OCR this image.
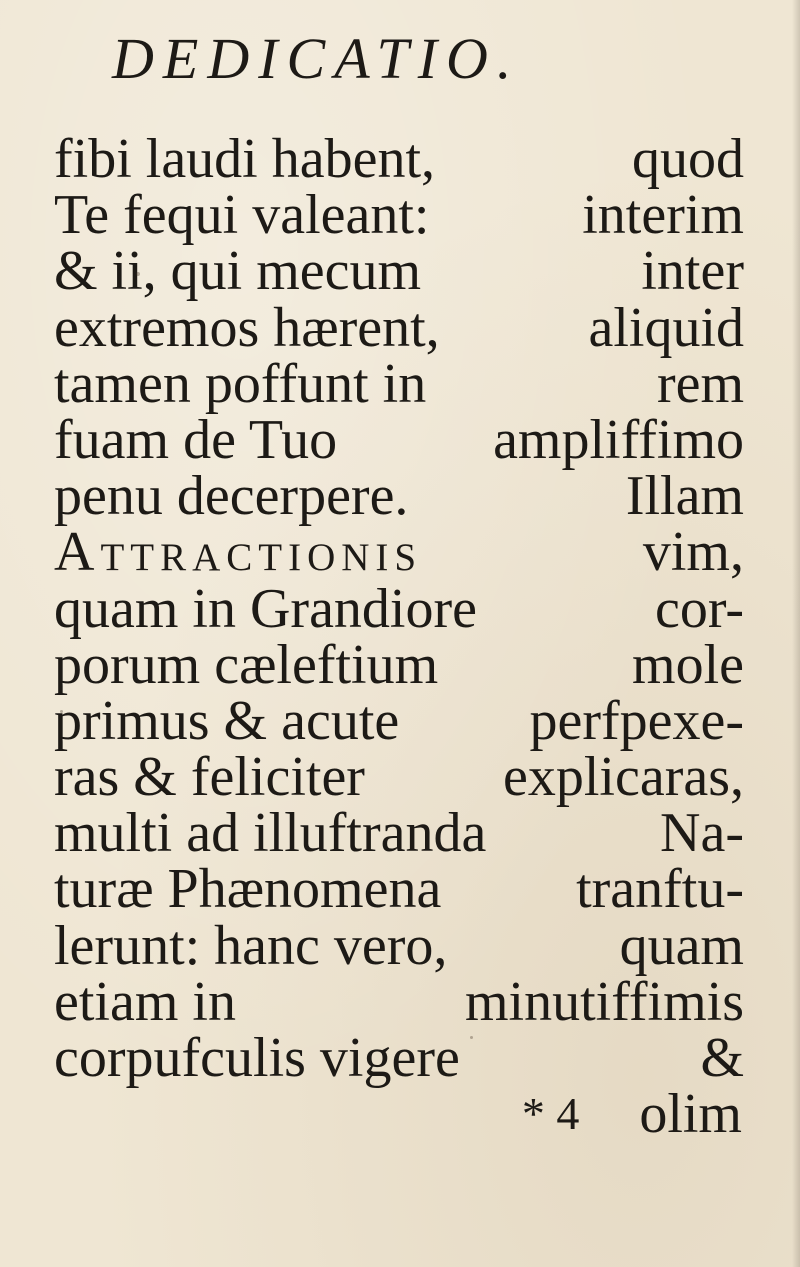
DEDICATIO.
fibi laudi habent,	quod
Te fequi valeant:	interim
& ii, qui mecum	inter
extremos hærent,	aliquid
tamen poffunt in	rem
fuam de Tuo	ampliffimo
penu decerpere.	Illam
Attractionis	vim,
quam in Grandiore	cor-
porum cæleftium	mole
primus & acute perfpexe-
ras & feliciter explicaras,
multi ad illuftranda	Na-
turæ Phænomena tranftu-
lerunt: hanc vero,	quam
etiam in	minutiffimis
corpufculis vigere	&
* 4 olim
